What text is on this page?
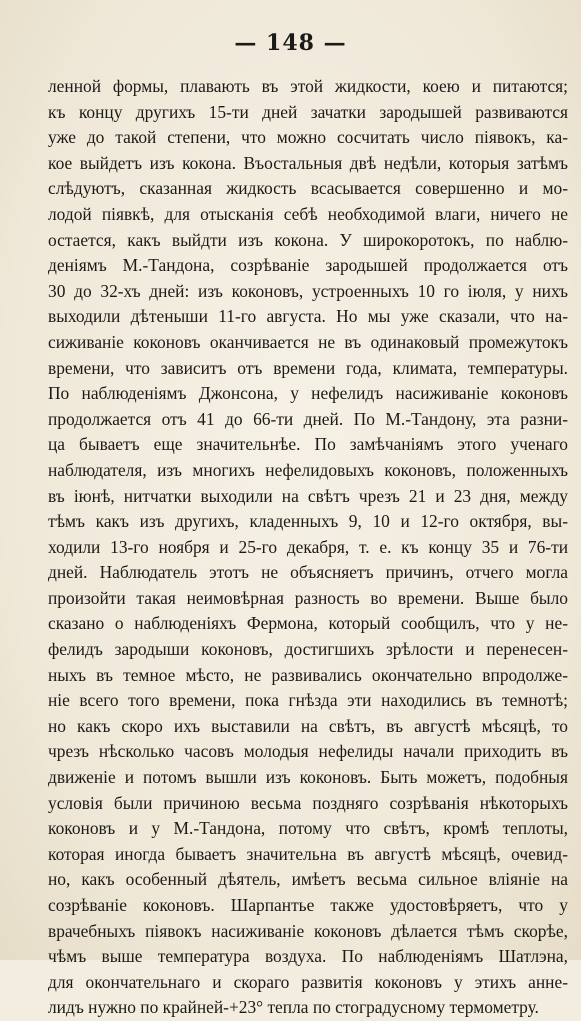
— 148 —
ленной формы, плавають въ этой жидкости, коею и питаются;
къ концу другихъ 15-ти дней зачатки зародышей развиваются
уже до такой степени, что можно сосчитать число піявокъ, ка-
кое выйдетъ изъ кокона. Въостальныя двѣ недѣли, которыя затѣмъ
слѣдуютъ, сказанная жидкость всасывается совершенно и мо-
лодой піявкѣ, для отысканія себѣ необходимой влаги, ничего не
остается, какъ выйдти изъ кокона. У широкоротокъ, по наблю-
деніямъ М.-Тандона, созрѣваніе зародышей продолжается отъ
30 до 32-хъ дней: изъ коконовъ, устроенныхъ 10 го іюля, у нихъ
выходили дѣтеныши 11-го августа. Но мы уже сказали, что на-
сиживаніе коконовъ оканчивается не въ одинаковый промежутокъ
времени, что зависитъ отъ времени года, климата, температуры.
По наблюденіямъ Джонсона, у нефелидъ насиживаніе коконовъ
продолжается отъ 41 до 66-ти дней. По М.-Тандону, эта разни-
ца бываетъ еще значительнѣе. По замѣчаніямъ этого ученаго
наблюдателя, изъ многихъ нефелидовыхъ коконовъ, положенныхъ
въ іюнѣ, нитчатки выходили на свѣтъ чрезъ 21 и 23 дня, между
тѣмъ какъ изъ другихъ, кладенныхъ 9, 10 и 12-го октября, вы-
ходили 13-го ноября и 25-го декабря, т. е. къ концу 35 и 76-ти
дней. Наблюдатель этотъ не объясняетъ причинъ, отчего могла
произойти такая неимовѣрная разность во времени. Выше было
сказано о наблюденіяхъ Фермона, который сообщилъ, что у не-
фелидъ зародыши коконовъ, достигшихъ зрѣлости и перенесен-
ныхъ въ темное мѣсто, не развивались окончательно впродолже-
ніе всего того времени, пока гнѣзда эти находились въ темнотѣ;
но какъ скоро ихъ выставили на свѣтъ, въ августѣ мѣсяцѣ, то
чрезъ нѣсколько часовъ молодыя нефелиды начали приходить въ
движеніе и потомъ вышли изъ коконовъ. Быть можетъ, подобныя
условія были причиною весьма поздняго созрѣванія нѣкоторыхъ
коконовъ и у М.-Тандона, потому что свѣтъ, кромѣ теплоты,
которая иногда бываетъ значительна въ августѣ мѣсяцѣ, очевид-
но, какъ особенный дѣятель, имѣетъ весьма сильное вліяніе на
созрѣваніе коконовъ. Шарпантье также удостовѣряетъ, что у
врачебныхъ піявокъ насиживаніе коконовъ дѣлается тѣмъ скорѣе,
чѣмъ выше температура воздуха. По наблюденіямъ Шатлэна,
для окончательнаго и скораго развитія коконовъ у этихъ анне-
лидъ нужно по крайней-+23° тепла по стоградусному термометру.
